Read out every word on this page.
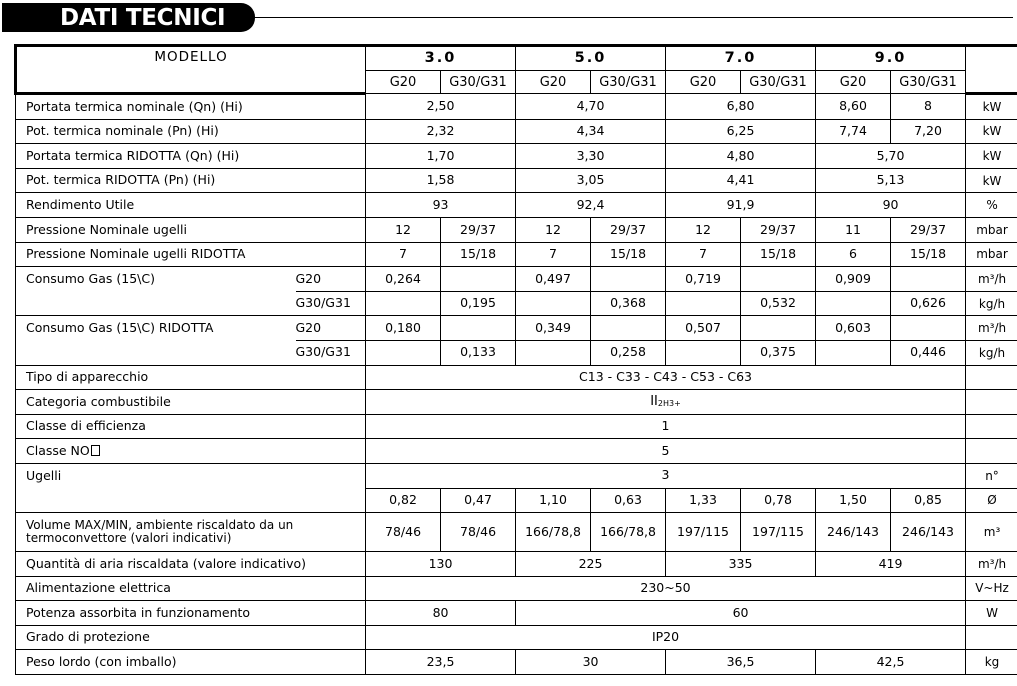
DATI TECNICI
MODELLO		3.0		5.0		7.0		9.0		
		G20	G30/G31	G20	G30/G31	G20	G30/G31	G20	G30/G31	
Portata termica nominale (Qn) (Hi)		2,50		4,70		6,80		8,60	8	kW
Pot. termica nominale (Pn) (Hi)		2,32		4,34		6,25		7,74	7,20	kW
Portata termica RIDOTTA (Qn) (Hi)		1,70		3,30		4,80		5,70		kW
Pot. termica RIDOTTA (Pn) (Hi)		1,58		3,05		4,41		5,13		kW
Rendimento Utile		93		92,4		91,9		90		%
Pressione Nominale ugelli		12	29/37	12	29/37	12	29/37	11	29/37	mbar
Pressione Nominale ugelli RIDOTTA		7	15/18	7	15/18	7	15/18	6	15/18	mbar
Consumo Gas (15\C)	G20	0,264		0,497		0,719		0,909		m³/h
	G30/G31		0,195		0,368		0,532		0,626	kg/h
Consumo Gas (15\C) RIDOTTA	G20	0,180		0,349		0,507		0,603		m³/h
	G30/G31		0,133		0,258		0,375		0,446	kg/h
Tipo di apparecchio		C13 - C33 - C43 - C53 - C63								
Categoria combustibile		$II_{2H3+}$	
Classe di efficienza		1								
Classe NO		5								
Ugelli		3								n°
		0,82	0,47	1,10	0,63	1,33	0,78	1,50	0,85	Ø
Volume MAX/MIN, ambiente riscaldato da un termoconvettore (valori indicativi)		78/46	78/46	166/78,8	166/78,8	197/115	197/115	246/143	246/143	m³
Quantità di aria riscaldata (valore indicativo)		130		225		335		419		m³/h
Alimentazione elettrica		230~50								V~Hz
Potenza assorbita in funzionamento		80		60						W
Grado di protezione		IP20								
Peso lordo (con imballo)		23,5		30		36,5		42,5		kg
